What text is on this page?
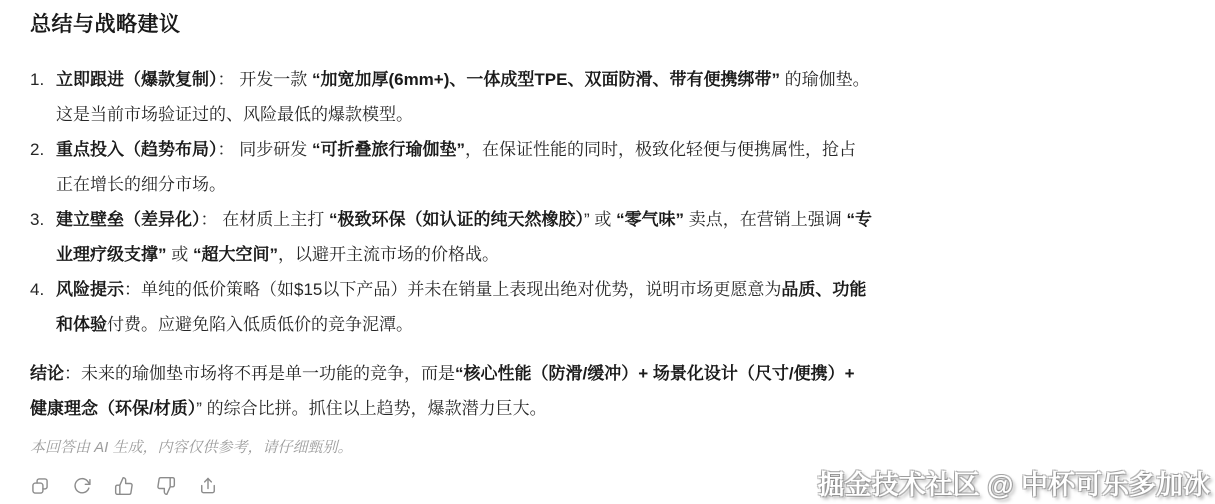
总结与战略建议
1. 立即跟进（爆款复制）： 开发一款 “加宽加厚(6mm+)、一体成型TPE、双面防滑、带有便携绑带” 的瑜伽垫。这是当前市场验证过的、风险最低的爆款模型。
2. 重点投入（趋势布局）： 同步研发 “可折叠旅行瑜伽垫”，在保证性能的同时，极致化轻便与便携属性，抢占正在增长的细分市场。
3. 建立壁垒（差异化）： 在材质上主打 “极致环保（如认证的纯天然橡胶）” 或 “零气味” 卖点，在营销上强调 “专业理疗级支撑” 或 “超大空间”，以避开主流市场的价格战。
4. 风险提示：单纯的低价策略（如$15以下产品）并未在销量上表现出绝对优势，说明市场更愿意为品质、功能和体验付费。应避免陷入低质低价的竞争泥潭。

结论：未来的瑜伽垫市场将不再是单一功能的竞争，而是“核心性能（防滑/缓冲）+ 场景化设计（尺寸/便携）+ 健康理念（环保/材质）” 的综合比拼。抓住以上趋势，爆款潜力巨大。

本回答由 AI 生成，内容仅供参考，请仔细甄别。

掘金技术社区 @ 中杯可乐多加冰
